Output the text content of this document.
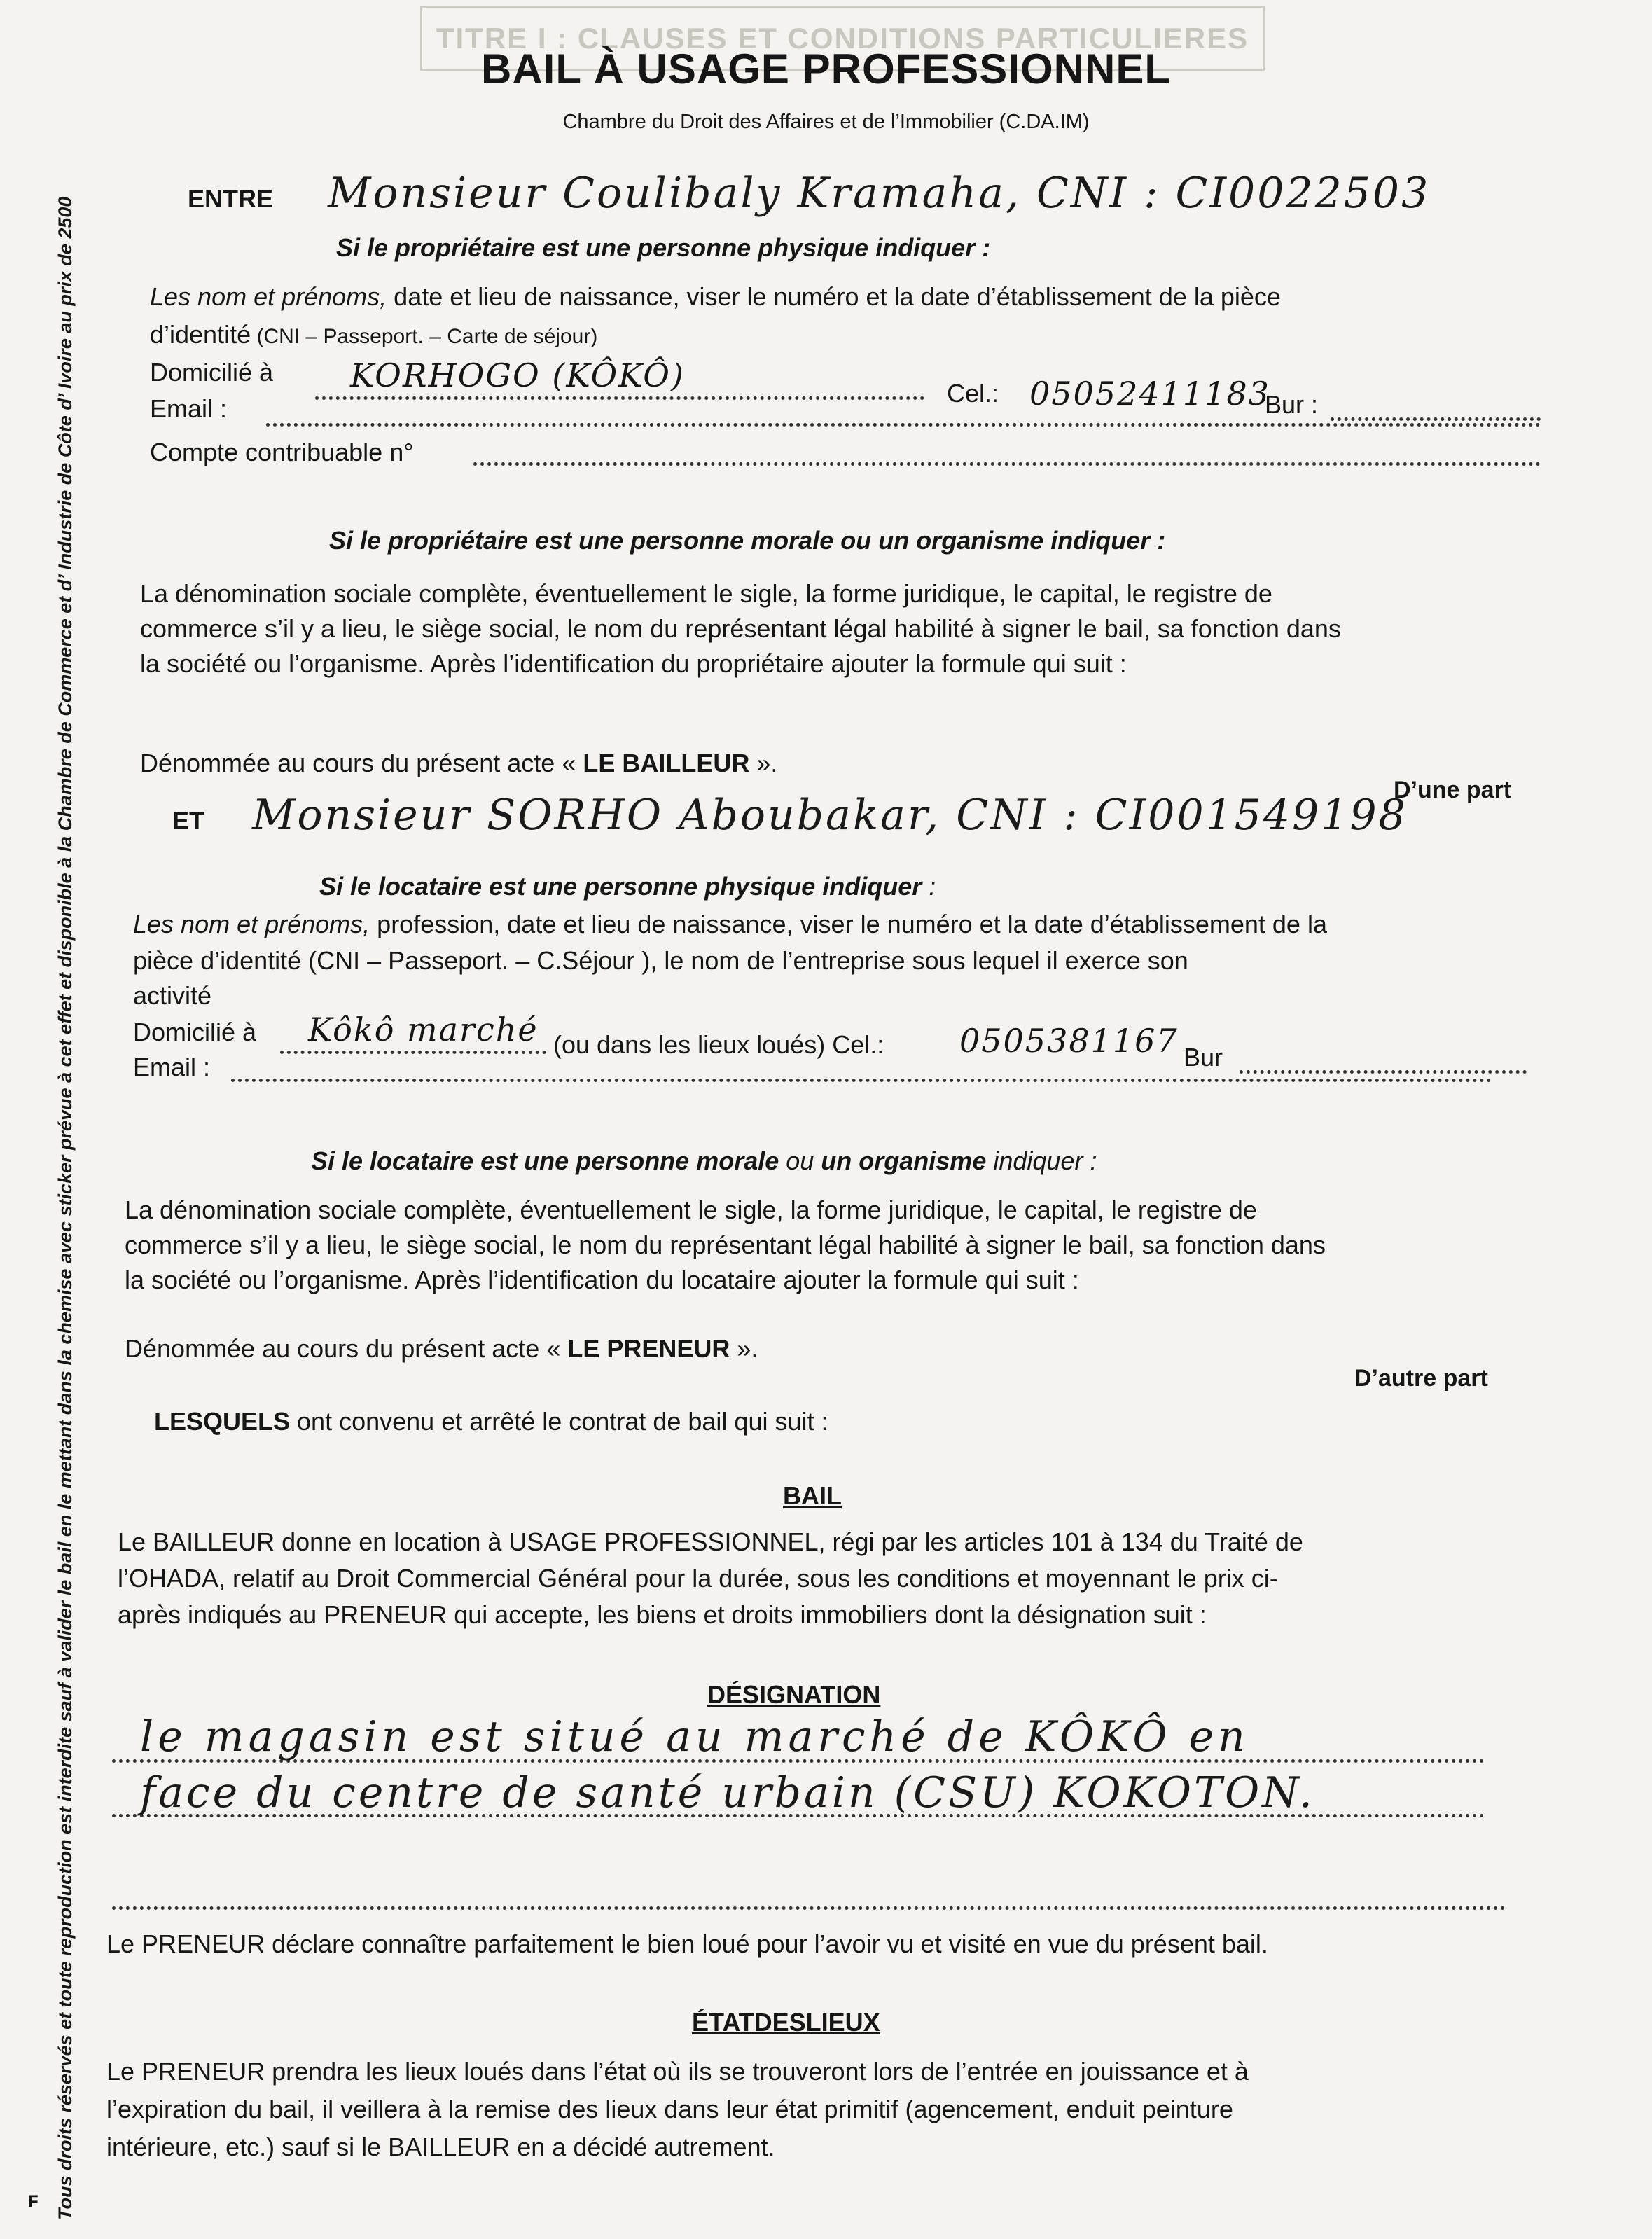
TITRE I : CLAUSES ET CONDITIONS PARTICULIERES
BAIL À USAGE PROFESSIONNEL
Chambre du Droit des Affaires et de l’Immobilier (C.DA.IM)
Tous droits réservés et toute reproduction est interdite sauf à valider le bail en le mettant dans la chemise avec sticker prévue à cet effet et disponible à la Chambre de Commerce et d’ Industrie de Côte d’ Ivoire au prix de 2500
F
ENTRE Monsieur Coulibaly Kramaha, CNI : CI0022503
Si le propriétaire est une personne physique indiquer :
Les nom et prénoms, date et lieu de naissance, viser le numéro et la date d’établissement de la pièce
d’identité (CNI – Passeport. – Carte de séjour)
Domicilié à KORHOGO (KÔKÔ)	Cel.: 05052411183
Bur :
Email :
Compte contribuable n°
Si le propriétaire est une personne morale ou un organisme indiquer :
La dénomination sociale complète, éventuellement le sigle, la forme juridique, le capital, le registre de
commerce s’il y a lieu, le siège social, le nom du représentant légal habilité à signer le bail, sa fonction dans
la société ou l’organisme. Après l’identification du propriétaire ajouter la formule qui suit :
Dénommée au cours du présent acte « LE BAILLEUR ».
D’une part
ET Monsieur SORHO Aboubakar, CNI : CI001549198
Si le locataire est une personne physique indiquer :
Les nom et prénoms, profession, date et lieu de naissance, viser le numéro et la date d’établissement de la
pièce d’identité (CNI – Passeport. – C.Séjour ), le nom de l’entreprise sous lequel il exerce son
activité
Domicilié à Kôkô marché (ou dans les lieux loués) Cel.: 0505381167 Bur
Email :
Si le locataire est une personne morale ou un organisme indiquer :
La dénomination sociale complète, éventuellement le sigle, la forme juridique, le capital, le registre de
commerce s’il y a lieu, le siège social, le nom du représentant légal habilité à signer le bail, sa fonction dans
la société ou l’organisme. Après l’identification du locataire ajouter la formule qui suit :
Dénommée au cours du présent acte « LE PRENEUR ».
D’autre part
LESQUELS ont convenu et arrêté le contrat de bail qui suit :
BAIL
Le BAILLEUR donne en location à USAGE PROFESSIONNEL, régi par les articles 101 à 134 du Traité de
l’OHADA, relatif au Droit Commercial Général pour la durée, sous les conditions et moyennant le prix ci-
après indiqués au PRENEUR qui accepte, les biens et droits immobiliers dont la désignation suit :
DÉSIGNATION
le magasin est situé au marché de KÔKÔ en
face du centre de santé urbain (CSU) KOKOTON.
Le PRENEUR déclare connaître parfaitement le bien loué pour l’avoir vu et visité en vue du présent bail.
ÉTATDESLIEUX
Le PRENEUR prendra les lieux loués dans l’état où ils se trouveront lors de l’entrée en jouissance et à
l’expiration du bail, il veillera à la remise des lieux dans leur état primitif (agencement, enduit peinture
intérieure, etc.) sauf si le BAILLEUR en a décidé autrement.
